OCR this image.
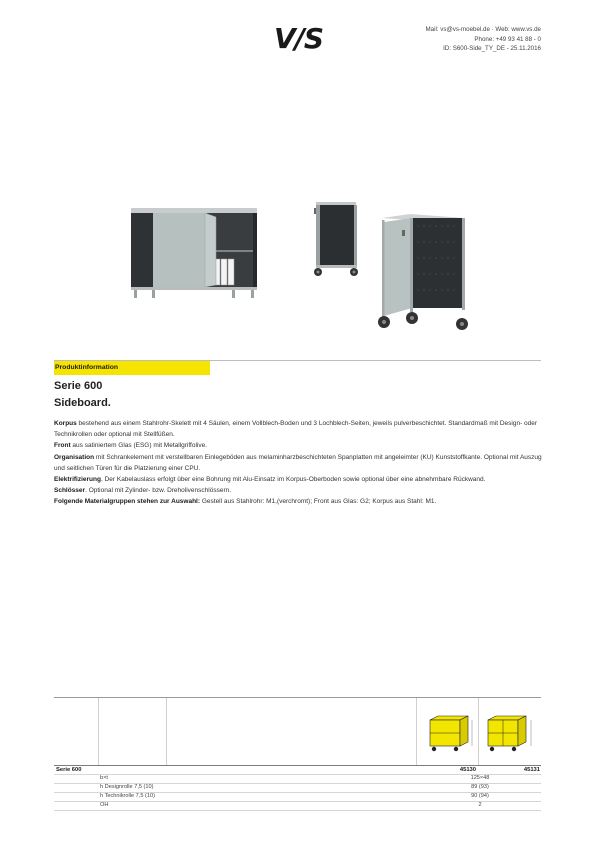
V/S	Mail: vs@vs-moebel.de · Web: www.vs.de
Phone: +49 93 41 88 - 0
ID: S600-Side_TY_DE - 25.11.2016
Produktinformation
Serie 600
Sideboard.

Korpus bestehend aus einem Stahlrohr-Skelett mit 4 Säulen, einem Vollblech-Boden und 3 Lochblech-Seiten, jeweils pulverbeschichtet. Standardmaß mit Design- oder Technikrollen oder optional mit Stellfüßen.

Front aus satiniertem Glas (ESG) mit Metallgriffolive.

Organisation mit Schrankelement mit verstellbaren Einlegeböden aus melaminharzbeschichteten Spanplatten mit angeleimter (KU) Kunststoffkante. Optional mit Auszug und seitlichen Türen für die Platzierung einer CPU.

Elektrifizierung. Der Kabelauslass erfolgt über eine Bohrung mit Alu-Einsatz im Korpus-Oberboden sowie optional über eine abnehmbare Rückwand.

Schlösser. Optional mit Zylinder- bzw. Dreholivenschlössern.

Folgende Materialgruppen stehen zur Auswahl: Gestell aus Stahlrohr: M1,(verchromt); Front aus Glas: G2; Korpus aus Stahl: M1.

Serie 600	45130	45131
b×t	125×48
h Designrolle 7,5 (10)	89 (93)
h Technikrolle 7,5 (10)	90 (94)
OH	2
